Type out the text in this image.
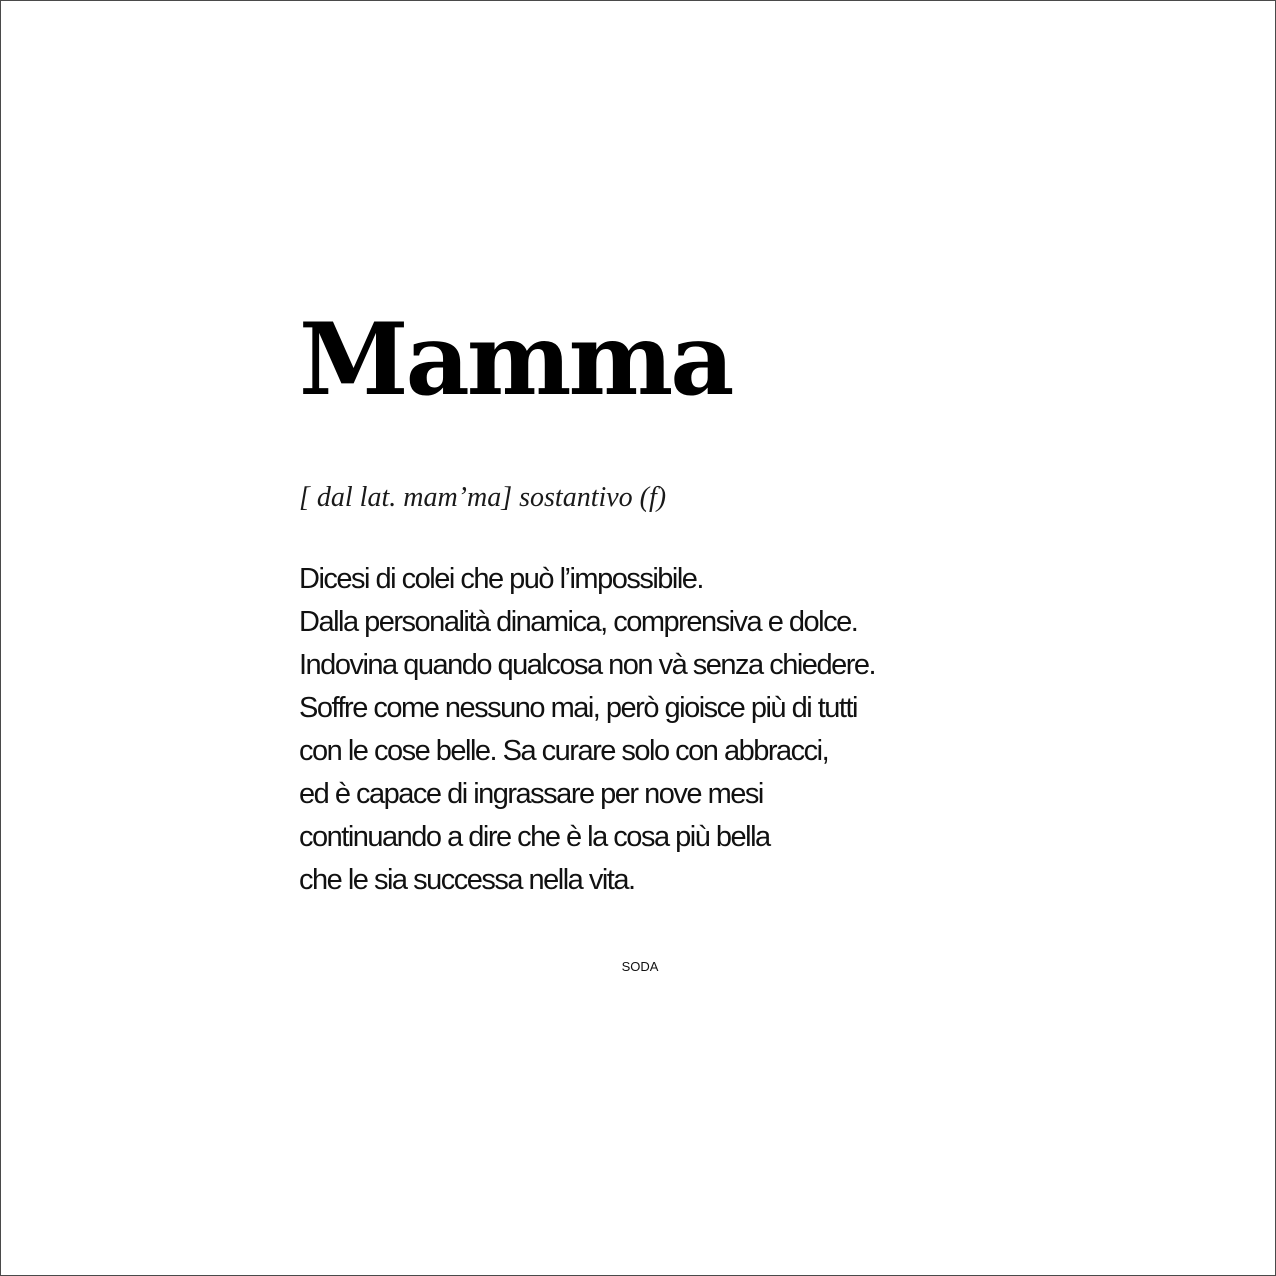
Mamma
[ dal lat. mam’ma] sostantivo (f)
Dicesi di colei che può l’impossibile.
Dalla personalità dinamica, comprensiva e dolce.
Indovina quando qualcosa non và senza chiedere.
Soffre come nessuno mai, però gioisce più di tutti
con le cose belle. Sa curare solo con abbracci,
ed è capace di ingrassare per nove mesi
continuando a dire che è la cosa più bella
che le sia successa nella vita.
SODA
